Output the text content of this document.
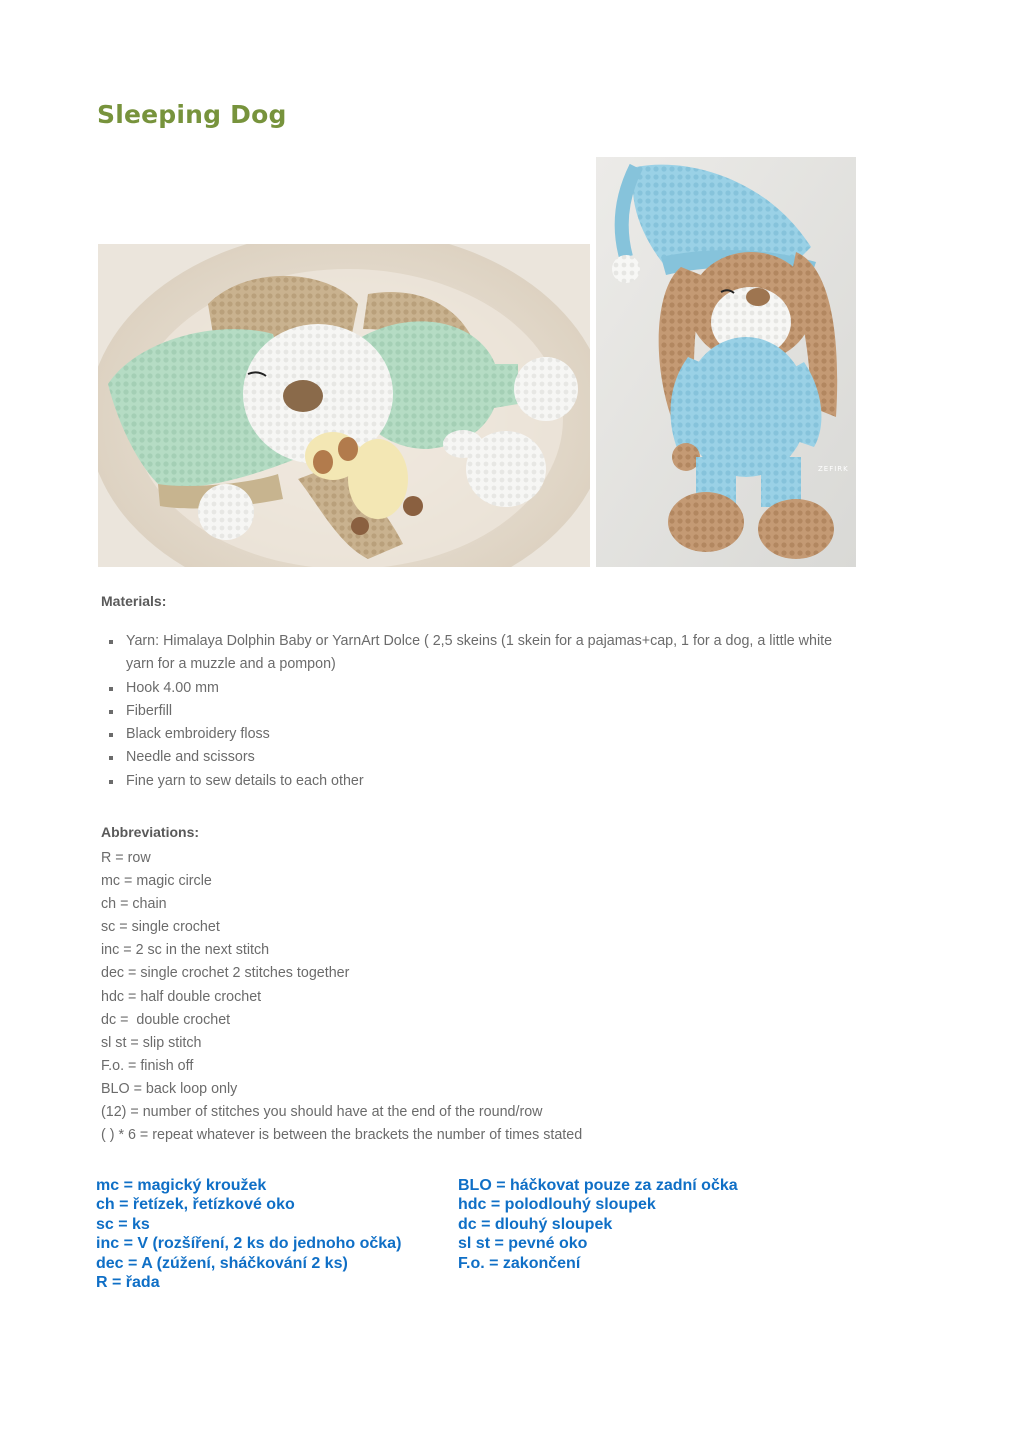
Sleeping Dog
ZEFIRK
Materials:
Yarn: Himalaya Dolphin Baby or YarnArt Dolce ( 2,5 skeins (1 skein for a pajamas+cap, 1 for a dog, a little white yarn for a muzzle and a pompon)
Hook 4.00 mm
Fiberfill
Black embroidery floss
Needle and scissors
Fine yarn to sew details to each other
Abbreviations:
R = row
mc = magic circle
ch = chain
sc = single crochet
inc = 2 sc in the next stitch
dec = single crochet 2 stitches together
hdc = half double crochet
dc =  double crochet
sl st = slip stitch
F.o. = finish off
BLO = back loop only
(12) = number of stitches you should have at the end of the round/row
( ) * 6 = repeat whatever is between the brackets the number of times stated
mc = magický kroužek
ch = řetízek, řetízkové oko
sc = ks
inc = V (rozšíření, 2 ks do jednoho očka)
dec = A (zúžení, sháčkování 2 ks)
R = řada
BLO = háčkovat pouze za zadní očka
hdc = polodlouhý sloupek
dc = dlouhý sloupek
sl st = pevné oko
F.o. = zakončení
